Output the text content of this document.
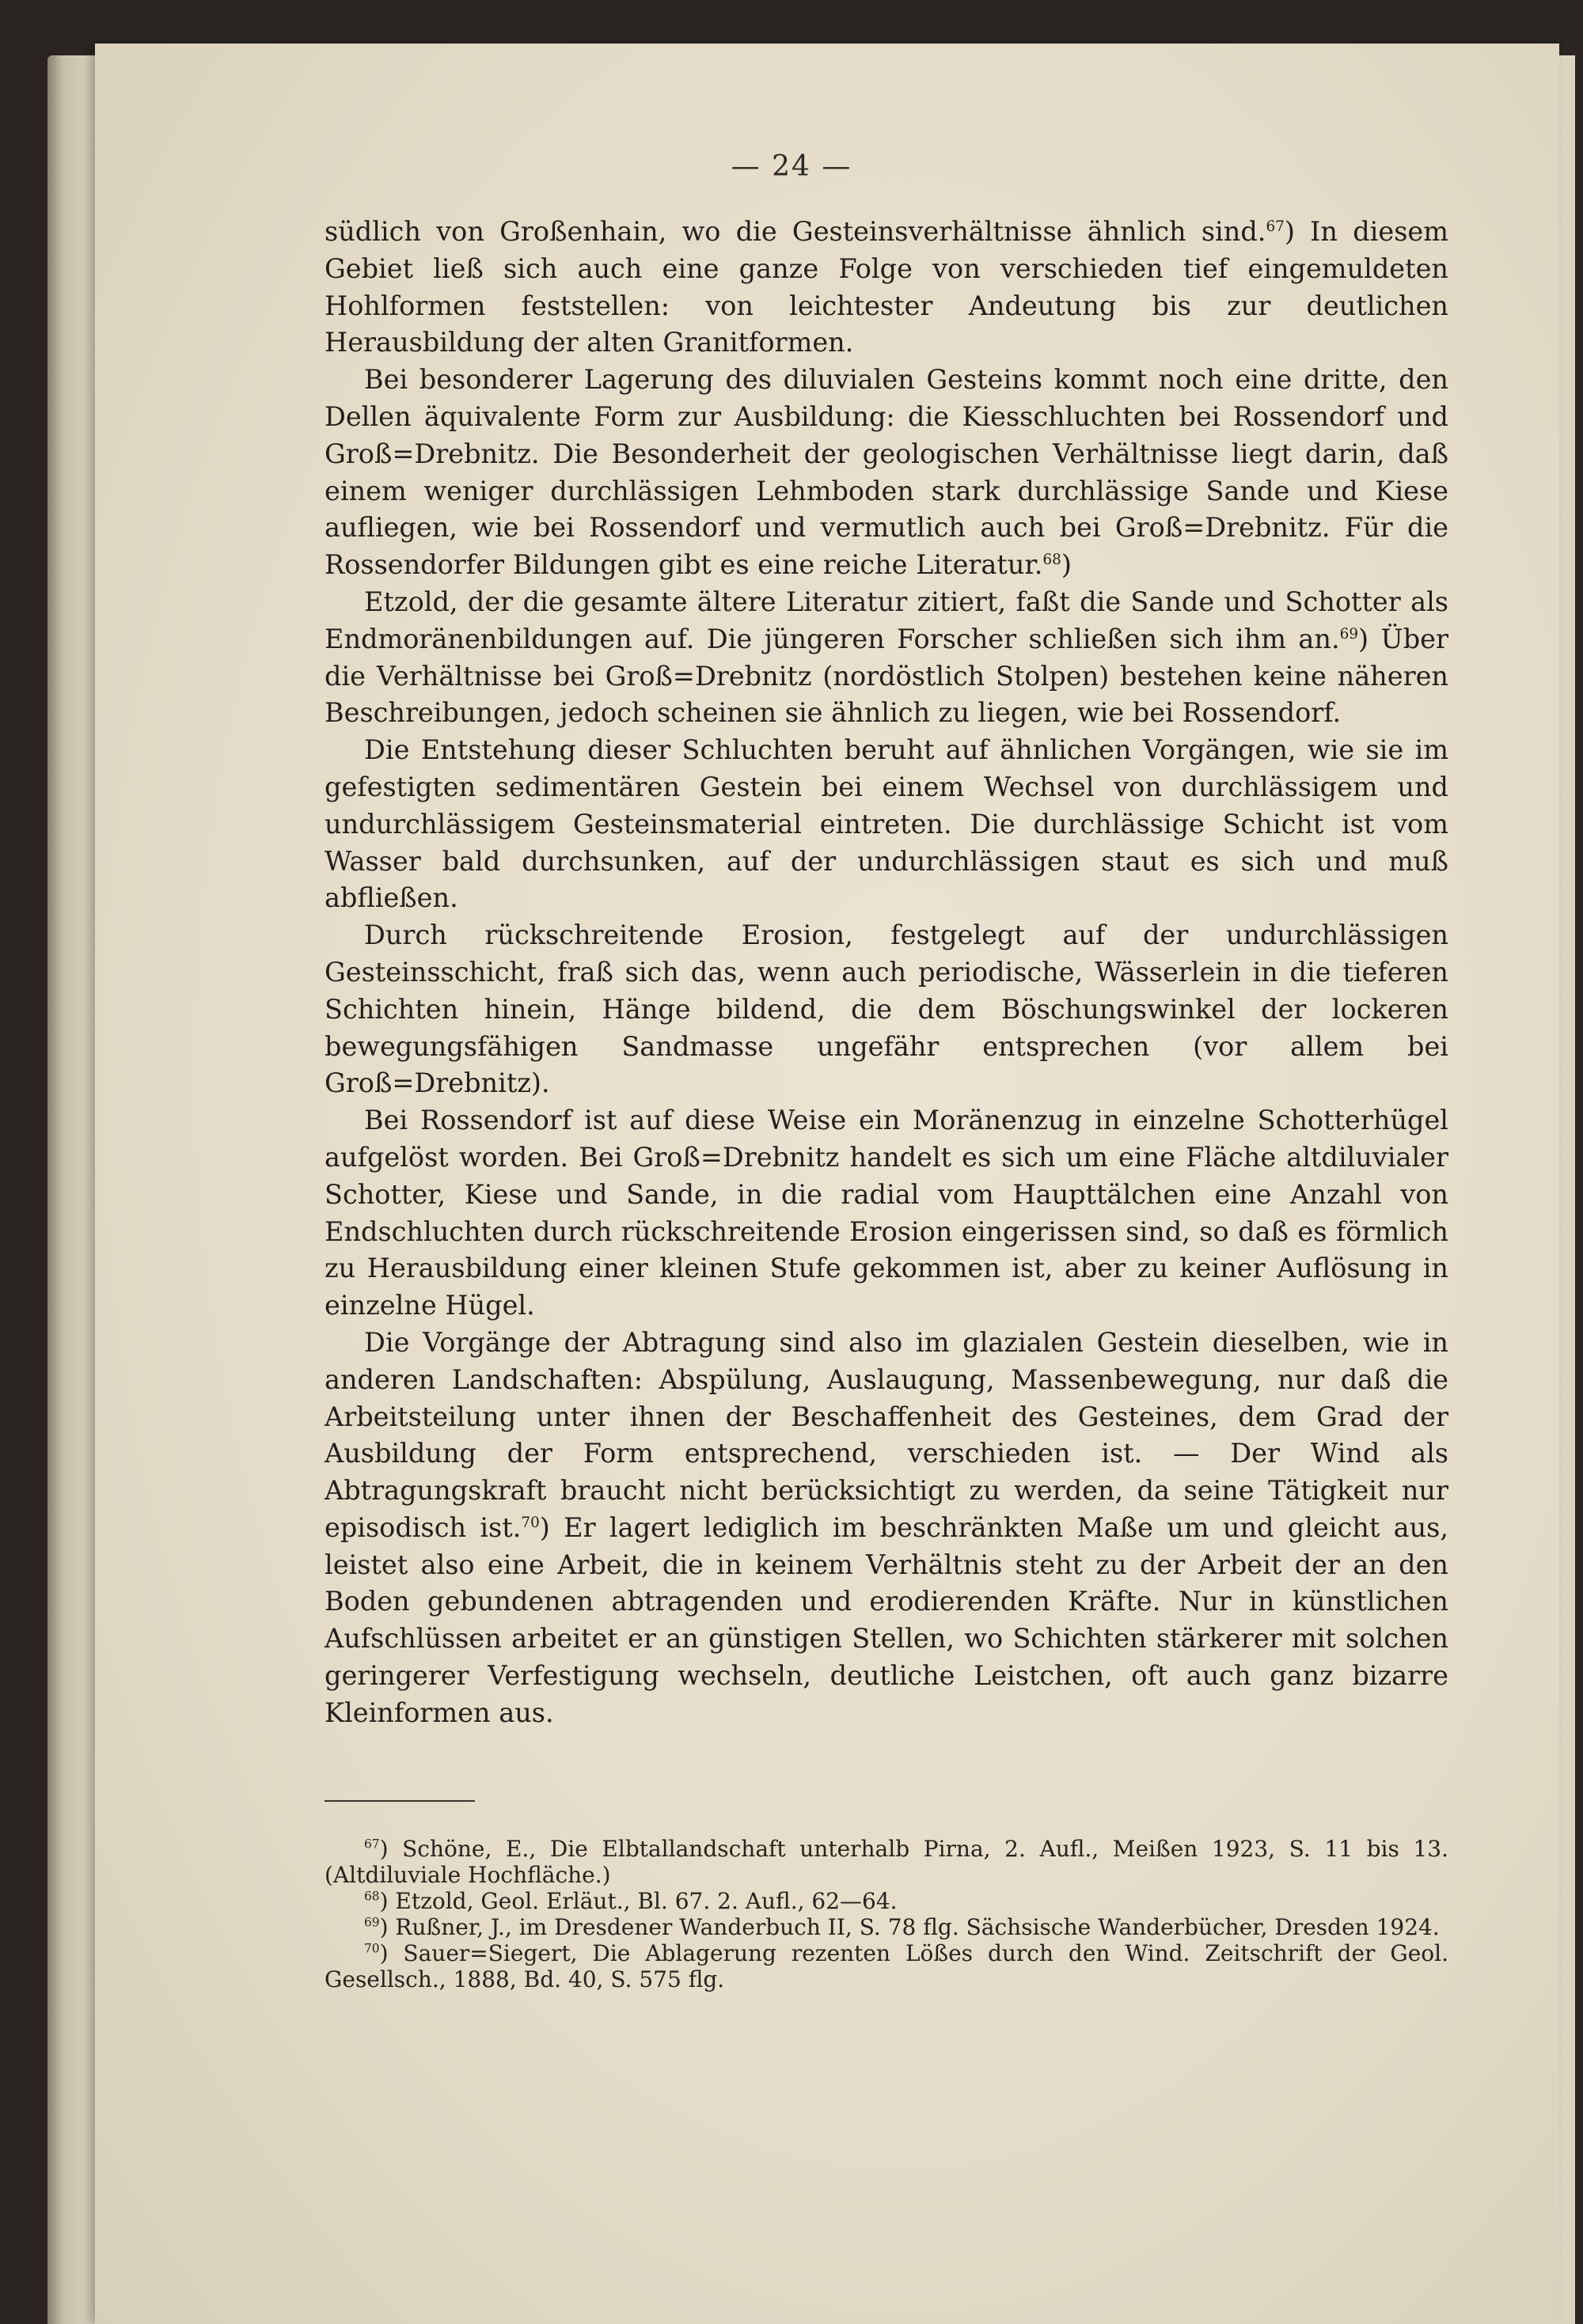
— 24 —

südlich von Großenhain, wo die Gesteinsverhältnisse ähnlich sind.$^{67}$) In diesem Gebiet ließ sich auch eine ganze Folge von verschieden tief eingemuldeten Hohlformen feststellen: von leichtester Andeutung bis zur deutlichen Herausbildung der alten Granitformen.

Bei besonderer Lagerung des diluvialen Gesteins kommt noch eine dritte, den Dellen äquivalente Form zur Ausbildung: die Kiesschluchten bei Rossendorf und Groß=Drebnitz. Die Besonderheit der geologischen Verhältnisse liegt darin, daß einem weniger durchlässigen Lehmboden stark durchlässige Sande und Kiese aufliegen, wie bei Rossendorf und vermutlich auch bei Groß=Drebnitz. Für die Rossendorfer Bildungen gibt es eine reiche Literatur.$^{68}$)

Etzold, der die gesamte ältere Literatur zitiert, faßt die Sande und Schotter als Endmoränenbildungen auf. Die jüngeren Forscher schließen sich ihm an.$^{69}$) Über die Verhältnisse bei Groß=Drebnitz (nordöstlich Stolpen) bestehen keine näheren Beschreibungen, jedoch scheinen sie ähnlich zu liegen, wie bei Rossendorf.

Die Entstehung dieser Schluchten beruht auf ähnlichen Vorgängen, wie sie im gefestigten sedimentären Gestein bei einem Wechsel von durchlässigem und undurchlässigem Gesteinsmaterial eintreten. Die durchlässige Schicht ist vom Wasser bald durchsunken, auf der undurchlässigen staut es sich und muß abfließen.

Durch rückschreitende Erosion, festgelegt auf der undurchlässigen Gesteinsschicht, fraß sich das, wenn auch periodische, Wässerlein in die tieferen Schichten hinein, Hänge bildend, die dem Böschungswinkel der lockeren bewegungsfähigen Sandmasse ungefähr entsprechen (vor allem bei Groß=Drebnitz).

Bei Rossendorf ist auf diese Weise ein Moränenzug in einzelne Schotterhügel aufgelöst worden. Bei Groß=Drebnitz handelt es sich um eine Fläche altdiluvialer Schotter, Kiese und Sande, in die radial vom Haupttälchen eine Anzahl von Endschluchten durch rückschreitende Erosion eingerissen sind, so daß es förmlich zu Herausbildung einer kleinen Stufe gekommen ist, aber zu keiner Auflösung in einzelne Hügel.

Die Vorgänge der Abtragung sind also im glazialen Gestein dieselben, wie in anderen Landschaften: Abspülung, Auslaugung, Massenbewegung, nur daß die Arbeitsteilung unter ihnen der Beschaffenheit des Gesteines, dem Grad der Ausbildung der Form entsprechend, verschieden ist. — Der Wind als Abtragungskraft braucht nicht berücksichtigt zu werden, da seine Tätigkeit nur episodisch ist.$^{70}$) Er lagert lediglich im beschränkten Maße um und gleicht aus, leistet also eine Arbeit, die in keinem Verhältnis steht zu der Arbeit der an den Boden gebundenen abtragenden und erodierenden Kräfte. Nur in künstlichen Aufschlüssen arbeitet er an günstigen Stellen, wo Schichten stärkerer mit solchen geringerer Verfestigung wechseln, deutliche Leistchen, oft auch ganz bizarre Kleinformen aus.

$^{67}$) Schöne, E., Die Elbtallandschaft unterhalb Pirna, 2. Aufl., Meißen 1923, S. 11 bis 13. (Altdiluviale Hochfläche.)

$^{68}$) Etzold, Geol. Erläut., Bl. 67. 2. Aufl., 62—64.

$^{69}$) Rußner, J., im Dresdener Wanderbuch II, S. 78 flg. Sächsische Wanderbücher, Dresden 1924.

$^{70}$) Sauer=Siegert, Die Ablagerung rezenten Lößes durch den Wind. Zeitschrift der Geol. Gesellsch., 1888, Bd. 40, S. 575 flg.
